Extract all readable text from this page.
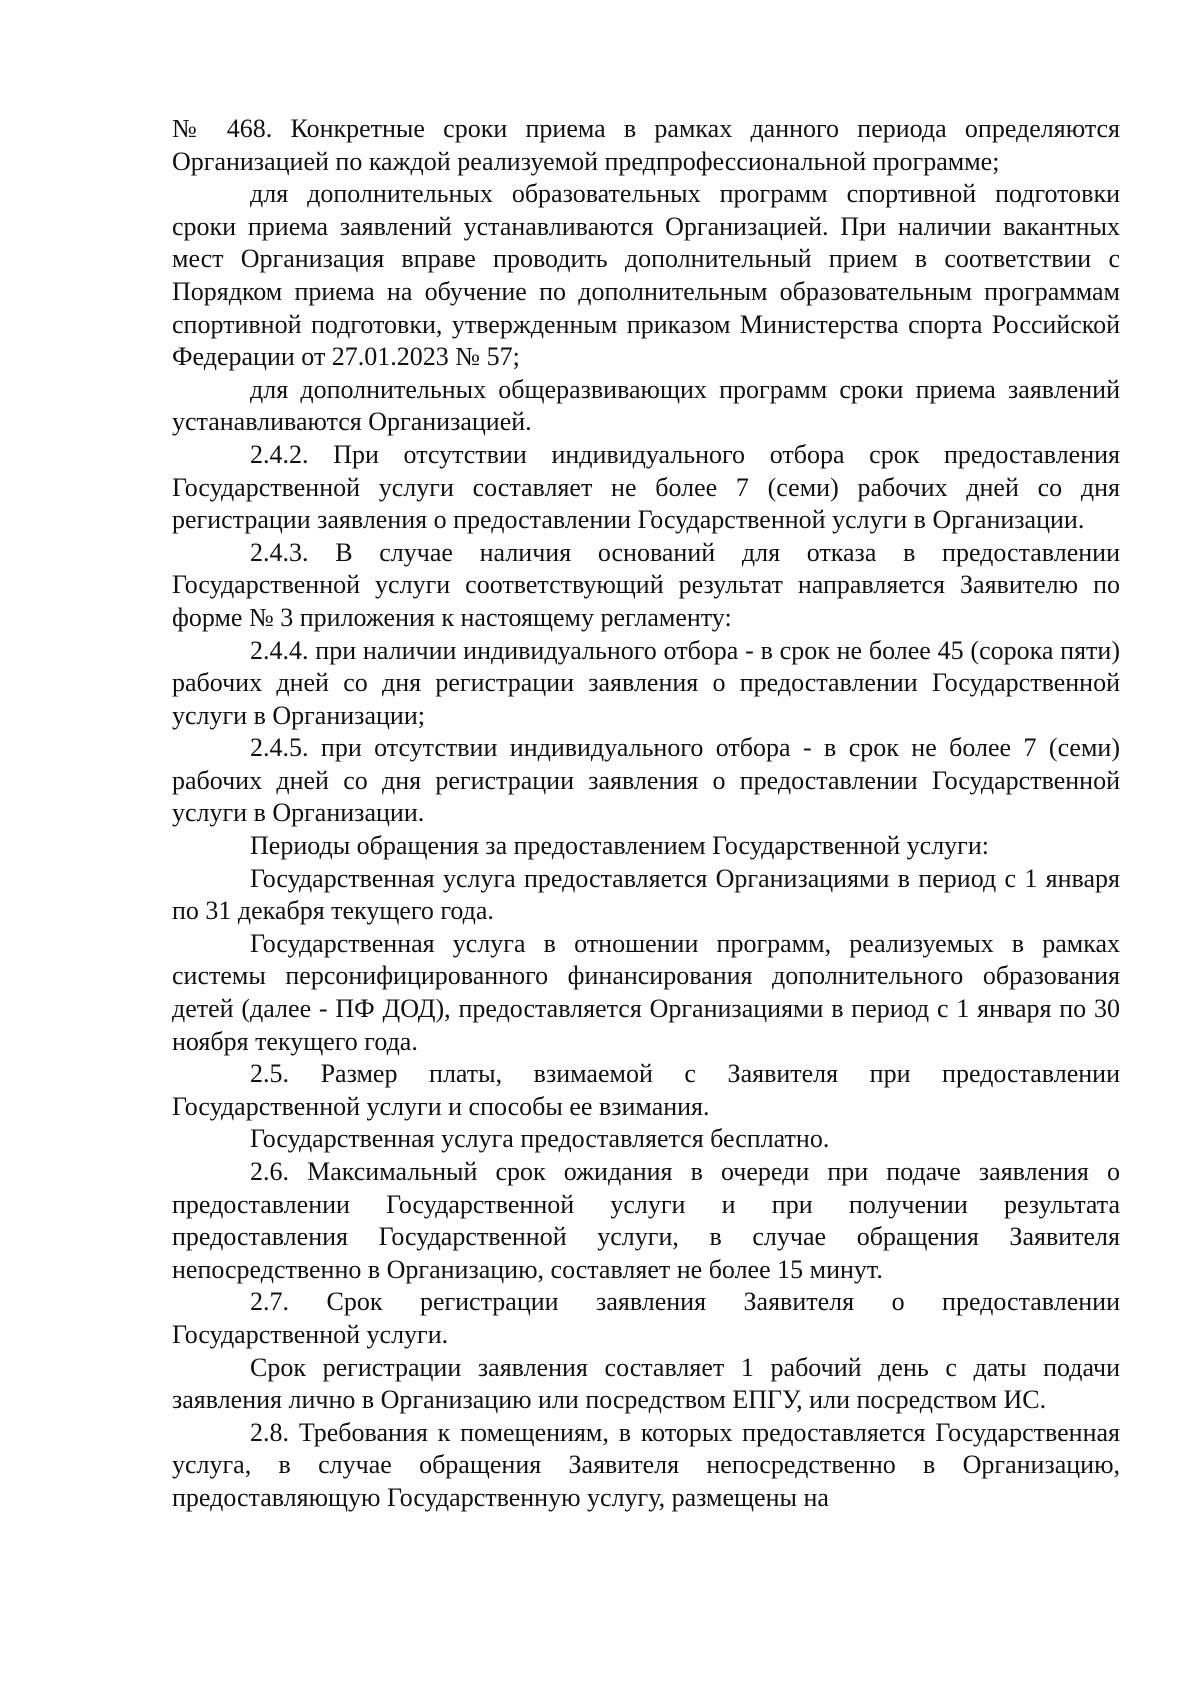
№ 468. Конкретные сроки приема в рамках данного периода определяются Организацией по каждой реализуемой предпрофессиональной программе;

для дополнительных образовательных программ спортивной подготовки сроки приема заявлений устанавливаются Организацией. При наличии вакантных мест Организация вправе проводить дополнительный прием в соответствии с Порядком приема на обучение по дополнительным образовательным программам спортивной подготовки, утвержденным приказом Министерства спорта Российской Федерации от 27.01.2023 № 57;

для дополнительных общеразвивающих программ сроки приема заявлений устанавливаются Организацией.

2.4.2. При отсутствии индивидуального отбора срок предоставления Государственной услуги составляет не более 7 (семи) рабочих дней со дня регистрации заявления о предоставлении Государственной услуги в Организации.

2.4.3. В случае наличия оснований для отказа в предоставлении Государственной услуги соответствующий результат направляется Заявителю по форме № 3 приложения к настоящему регламенту:

2.4.4. при наличии индивидуального отбора - в срок не более 45 (сорока пяти) рабочих дней со дня регистрации заявления о предоставлении Государственной услуги в Организации;

2.4.5. при отсутствии индивидуального отбора - в срок не более 7 (семи) рабочих дней со дня регистрации заявления о предоставлении Государственной услуги в Организации.

Периоды обращения за предоставлением Государственной услуги:

Государственная услуга предоставляется Организациями в период с 1 января по 31 декабря текущего года.

Государственная услуга в отношении программ, реализуемых в рамках системы персонифицированного финансирования дополнительного образования детей (далее - ПФ ДОД), предоставляется Организациями в период с 1 января по 30 ноября текущего года.

2.5. Размер платы, взимаемой с Заявителя при предоставлении Государственной услуги и способы ее взимания.

Государственная услуга предоставляется бесплатно.

2.6. Максимальный срок ожидания в очереди при подаче заявления о предоставлении Государственной услуги и при получении результата предоставления Государственной услуги, в случае обращения Заявителя непосредственно в Организацию, составляет не более 15 минут.

2.7. Срок регистрации заявления Заявителя о предоставлении Государственной услуги.

Срок регистрации заявления составляет 1 рабочий день с даты подачи заявления лично в Организацию или посредством ЕПГУ, или посредством ИС.

2.8. Требования к помещениям, в которых предоставляется Государственная услуга, в случае обращения Заявителя непосредственно в Организацию, предоставляющую Государственную услугу, размещены на
